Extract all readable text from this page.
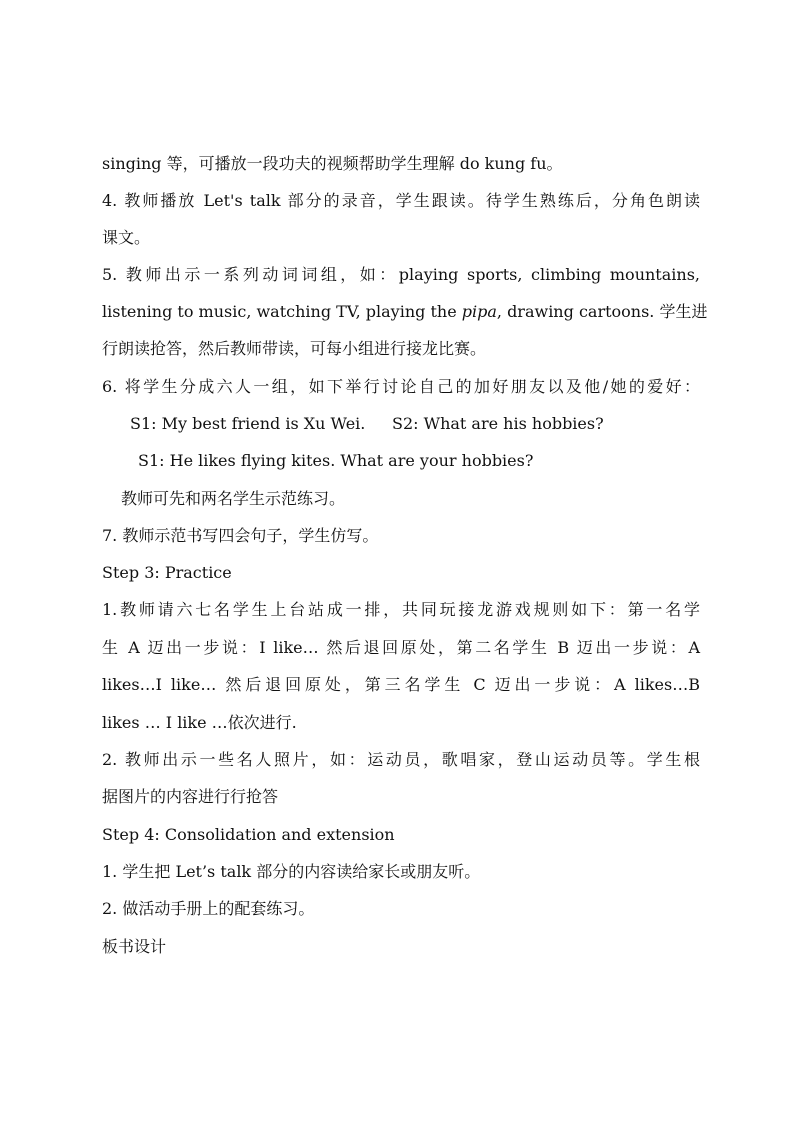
singing 等，可播放一段功夫的视频帮助学生理解 do kung fu。
4. 教师播放 Let's talk 部分的录音，学生跟读。待学生熟练后，分角色朗读
课文。
5. 教师出示一系列动词词组，如：playing sports, climbing mountains,
listening to music, watching TV, playing the pipa, drawing cartoons. 学生进
行朗读抢答，然后教师带读，可每小组进行接龙比赛。
6. 将学生分成六人一组，如下举行讨论自己的加好朋友以及他/她的爱好：
S1: My best friend is Xu Wei. S2: What are his hobbies?
S1: He likes flying kites. What are your hobbies?
教师可先和两名学生示范练习。
7. 教师示范书写四会句子，学生仿写。
Step 3: Practice
1.教师请六七名学生上台站成一排，共同玩接龙游戏规则如下：第一名学
生 A 迈出一步说：I like… 然后退回原处，第二名学生 B 迈出一步说：A
likes…I like… 然后退回原处，第三名学生 C 迈出一步说：A likes…B
likes … I like …依次进行.
2. 教师出示一些名人照片，如：运动员，歌唱家，登山运动员等。学生根
据图片的内容进行行抢答
Step 4: Consolidation and extension
1. 学生把 Let’s talk 部分的内容读给家长或朋友听。
2. 做活动手册上的配套练习。
板书设计
